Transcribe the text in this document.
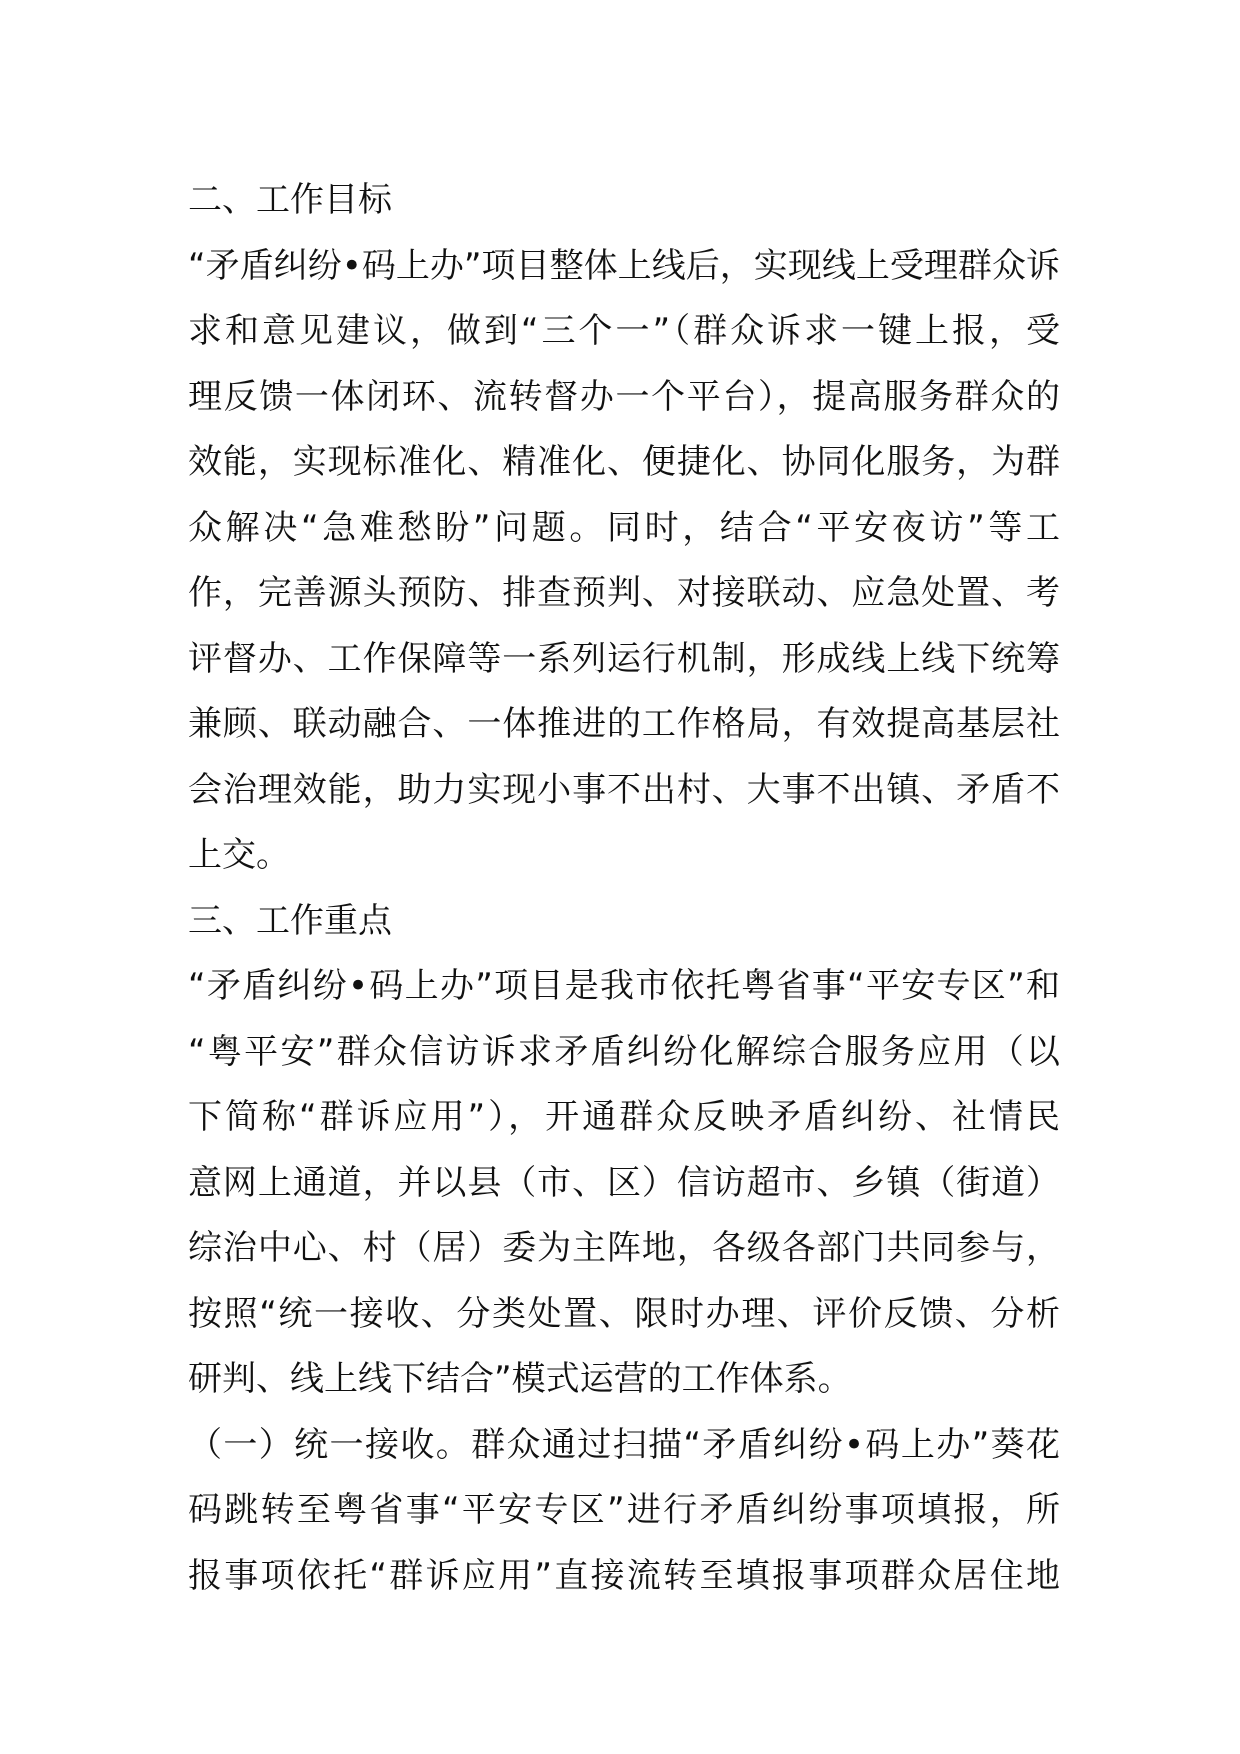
二、工作目标
“矛盾纠纷•码上办”项目整体上线后，实现线上受理群众诉
求和意见建议，做到“三个一”（群众诉求一键上报，受
理反馈一体闭环、流转督办一个平台），提高服务群众的
效能，实现标准化、精准化、便捷化、协同化服务，为群
众解决“急难愁盼”问题。同时，结合“平安夜访”等工
作，完善源头预防、排查预判、对接联动、应急处置、考
评督办、工作保障等一系列运行机制，形成线上线下统筹
兼顾、联动融合、一体推进的工作格局，有效提高基层社
会治理效能，助力实现小事不出村、大事不出镇、矛盾不
上交。
三、工作重点
“矛盾纠纷•码上办”项目是我市依托粤省事“平安专区”和
“粤平安”群众信访诉求矛盾纠纷化解综合服务应用（以
下简称“群诉应用”），开通群众反映矛盾纠纷、社情民
意网上通道，并以县（市、区）信访超市、乡镇（街道）
综治中心、村（居）委为主阵地，各级各部门共同参与，
按照“统一接收、分类处置、限时办理、评价反馈、分析
研判、线上线下结合”模式运营的工作体系。
（一）统一接收。群众通过扫描“矛盾纠纷•码上办”葵花
码跳转至粤省事“平安专区”进行矛盾纠纷事项填报，所
报事项依托“群诉应用”直接流转至填报事项群众居住地
